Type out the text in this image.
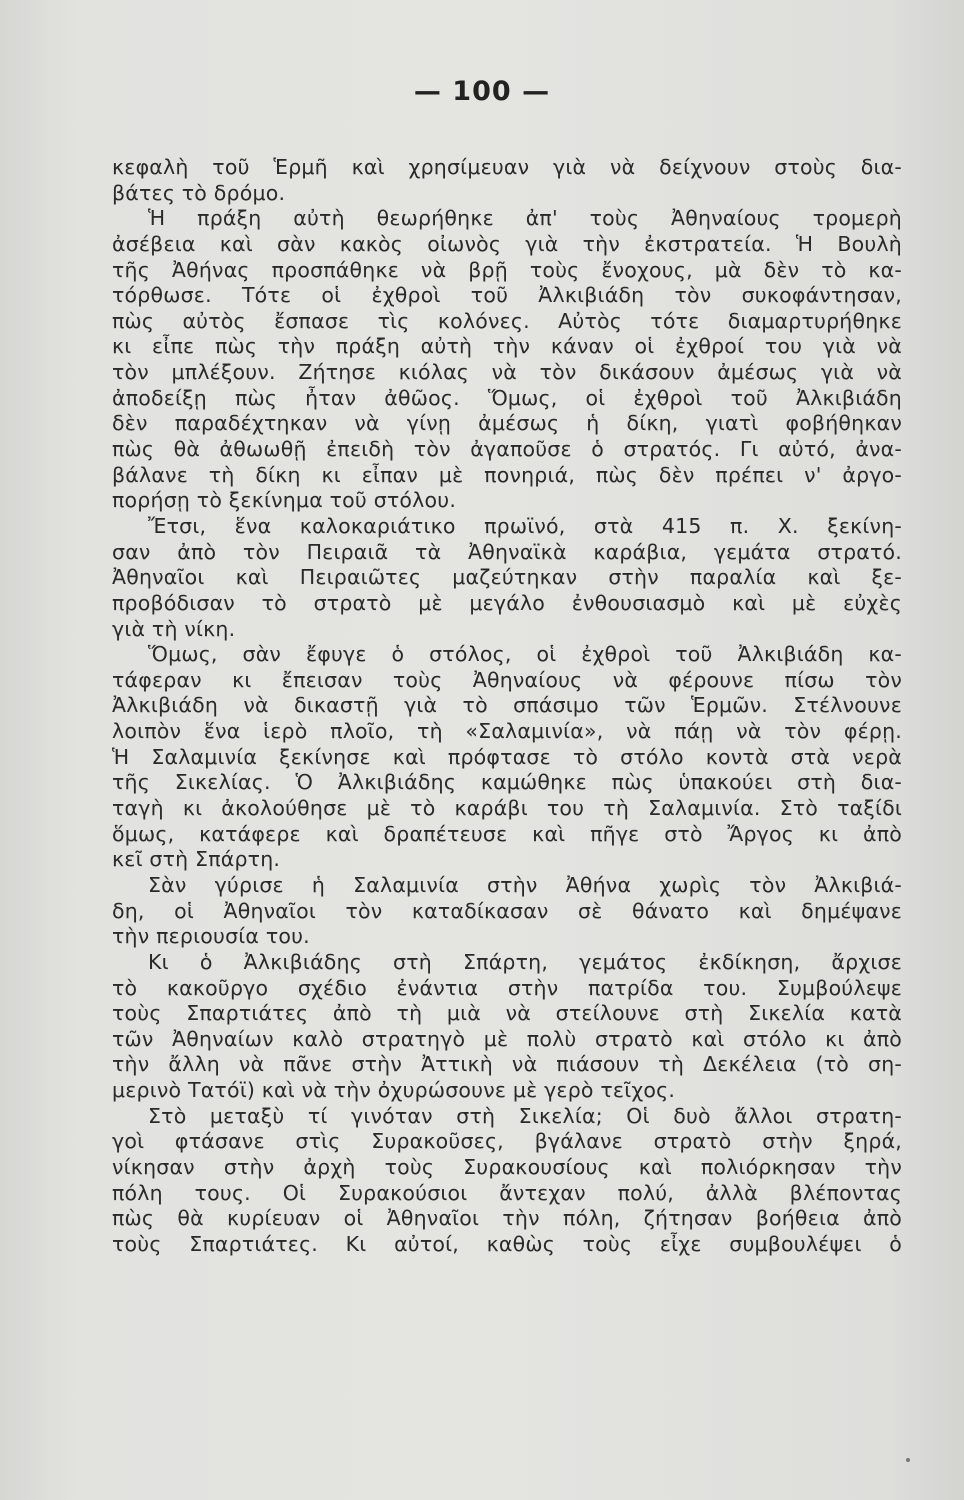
— 100 —
κεφαλὴ τοῦ Ἑρμῆ καὶ χρησίμευαν γιὰ νὰ δείχνουν στοὺς δια-
βάτες τὸ δρόμο.
Ἡ πράξη αὐτὴ θεωρήθηκε ἀπ' τοὺς Ἀθηναίους τρομερὴ
ἀσέβεια καὶ σὰν κακὸς οἰωνὸς γιὰ τὴν ἐκστρατεία. Ἡ Βουλὴ
τῆς Ἀθήνας προσπάθηκε νὰ βρῇ τοὺς ἔνοχους, μὰ δὲν τὸ κα-
τόρθωσε. Τότε οἱ ἐχθροὶ τοῦ Ἀλκιβιάδη τὸν συκοφάντησαν,
πὼς αὐτὸς ἔσπασε τὶς κολόνες. Αὐτὸς τότε διαμαρτυρήθηκε
κι εἶπε πὼς τὴν πράξη αὐτὴ τὴν κάναν οἱ ἐχθροί του γιὰ νὰ
τὸν μπλέξουν. Ζήτησε κιόλας νὰ τὸν δικάσουν ἀμέσως γιὰ νὰ
ἀποδείξῃ πὼς ἦταν ἀθῶος. Ὅμως, οἱ ἐχθροὶ τοῦ Ἀλκιβιάδη
δὲν παραδέχτηκαν νὰ γίνῃ ἀμέσως ἡ δίκη, γιατὶ φοβήθηκαν
πὼς θὰ ἀθωωθῇ ἐπειδὴ τὸν ἀγαποῦσε ὁ στρατός. Γι αὐτό, ἀνα-
βάλανε τὴ δίκη κι εἶπαν μὲ πονηριά, πὼς δὲν πρέπει ν' ἀργο-
πορήσῃ τὸ ξεκίνημα τοῦ στόλου.
Ἔτσι, ἕνα καλοκαριάτικο πρωϊνό, στὰ 415 π. Χ. ξεκίνη-
σαν ἀπὸ τὸν Πειραιᾶ τὰ Ἀθηναϊκὰ καράβια, γεμάτα στρατό.
Ἀθηναῖοι καὶ Πειραιῶτες μαζεύτηκαν στὴν παραλία καὶ ξε-
προβόδισαν τὸ στρατὸ μὲ μεγάλο ἐνθουσιασμὸ καὶ μὲ εὐχὲς
γιὰ τὴ νίκη.
Ὅμως, σὰν ἔφυγε ὁ στόλος, οἱ ἐχθροὶ τοῦ Ἀλκιβιάδη κα-
τάφεραν κι ἔπεισαν τοὺς Ἀθηναίους νὰ φέρουνε πίσω τὸν
Ἀλκιβιάδη νὰ δικαστῇ γιὰ τὸ σπάσιμο τῶν Ἑρμῶν. Στέλνουνε
λοιπὸν ἕνα ἱερὸ πλοῖο, τὴ «Σαλαμινία», νὰ πάῃ νὰ τὸν φέρῃ.
Ἡ Σαλαμινία ξεκίνησε καὶ πρόφτασε τὸ στόλο κοντὰ στὰ νερὰ
τῆς Σικελίας. Ὁ Ἀλκιβιάδης καμώθηκε πὼς ὑπακούει στὴ δια-
ταγὴ κι ἀκολούθησε μὲ τὸ καράβι του τὴ Σαλαμινία. Στὸ ταξίδι
ὅμως, κατάφερε καὶ δραπέτευσε καὶ πῆγε στὸ Ἄργος κι ἀπὸ
κεῖ στὴ Σπάρτη.
Σὰν γύρισε ἡ Σαλαμινία στὴν Ἀθήνα χωρὶς τὸν Ἀλκιβιά-
δη, οἱ Ἀθηναῖοι τὸν καταδίκασαν σὲ θάνατο καὶ δημέψανε
τὴν περιουσία του.
Κι ὁ Ἀλκιβιάδης στὴ Σπάρτη, γεμάτος ἐκδίκηση, ἄρχισε
τὸ κακοῦργο σχέδιο ἐνάντια στὴν πατρίδα του. Συμβούλεψε
τοὺς Σπαρτιάτες ἀπὸ τὴ μιὰ νὰ στείλουνε στὴ Σικελία κατὰ
τῶν Ἀθηναίων καλὸ στρατηγὸ μὲ πολὺ στρατὸ καὶ στόλο κι ἀπὸ
τὴν ἄλλη νὰ πᾶνε στὴν Ἀττικὴ νὰ πιάσουν τὴ Δεκέλεια (τὸ ση-
μερινὸ Τατόϊ) καὶ νὰ τὴν ὀχυρώσουνε μὲ γερὸ τεῖχος.
Στὸ μεταξὺ τί γινόταν στὴ Σικελία; Οἱ δυὸ ἄλλοι στρατη-
γοὶ φτάσανε στὶς Συρακοῦσες, βγάλανε στρατὸ στὴν ξηρά,
νίκησαν στὴν ἀρχὴ τοὺς Συρακουσίους καὶ πολιόρκησαν τὴν
πόλη τους. Οἱ Συρακούσιοι ἄντεχαν πολύ, ἀλλὰ βλέποντας
πὼς θὰ κυρίευαν οἱ Ἀθηναῖοι τὴν πόλη, ζήτησαν βοήθεια ἀπὸ
τοὺς Σπαρτιάτες. Κι αὐτοί, καθὼς τοὺς εἶχε συμβουλέψει ὁ
